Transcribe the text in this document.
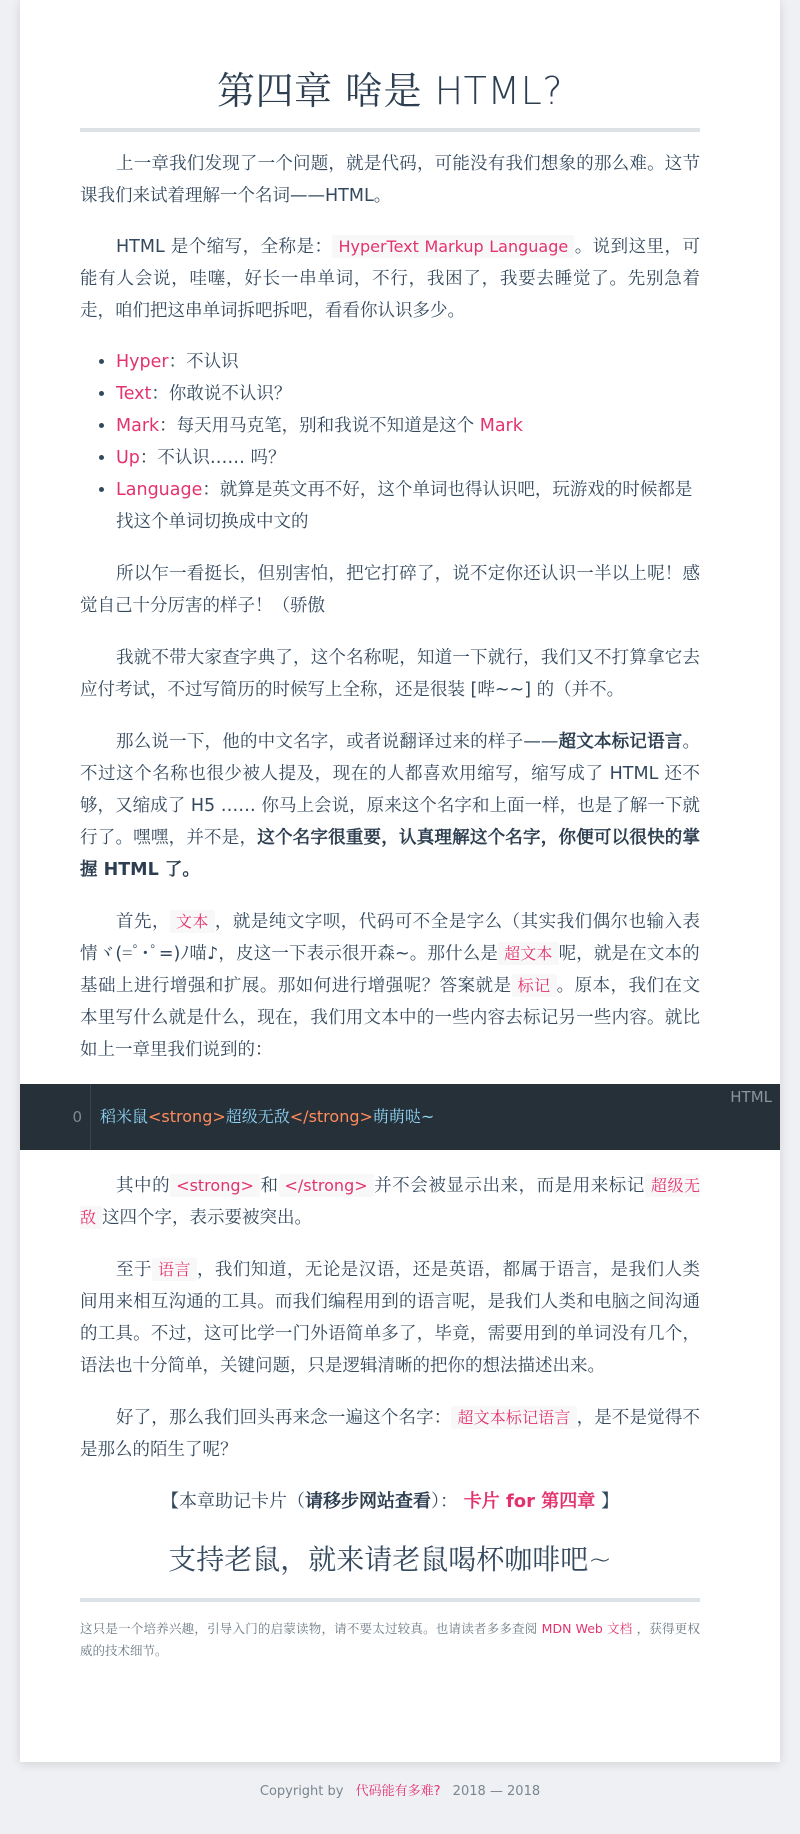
第四章 啥是 HTML?

上一章我们发现了一个问题，就是代码，可能没有我们想象的那么难。这节课我们来试着理解一个名词——HTML。

HTML 是个缩写，全称是： HyperText Markup Language 。说到这里，可能有人会说，哇噻，好长一串单词，不行，我困了，我要去睡觉了。先别急着走，咱们把这串单词拆吧拆吧，看看你认识多少。

• Hyper：不认识
• Text：你敢说不认识？
• Mark：每天用马克笔，别和我说不知道是这个 Mark
• Up：不认识…… 吗？
• Language：就算是英文再不好，这个单词也得认识吧，玩游戏的时候都是找这个单词切换成中文的

所以乍一看挺长，但别害怕，把它打碎了，说不定你还认识一半以上呢！感觉自己十分厉害的样子！（骄傲

我就不带大家查字典了，这个名称呢，知道一下就行，我们又不打算拿它去应付考试，不过写简历的时候写上全称，还是很装 [哔~~] 的（并不。

那么说一下，他的中文名字，或者说翻译过来的样子——超文本标记语言。不过这个名称也很少被人提及，现在的人都喜欢用缩写，缩写成了 HTML 还不够，又缩成了 H5 …… 你马上会说，原来这个名字和上面一样，也是了解一下就行了。嘿嘿，并不是，这个名字很重要，认真理解这个名字，你便可以很快的掌握 HTML 了。

首先， 文本 ，就是纯文字呗，代码可不全是字么（其实我们偶尔也输入表情ヾ(=ﾟ･ﾟ=)ﾉ喵♪，皮这一下表示很开森~。那什么是 超文本 呢，就是在文本的基础上进行增强和扩展。那如何进行增强呢？答案就是 标记 。原本，我们在文本里写什么就是什么，现在，我们用文本中的一些内容去标记另一些内容。就比如上一章里我们说到的：

0	稻米鼠<strong>超级无敌</strong>萌萌哒~
HTML

其中的 <strong> 和 </strong> 并不会被显示出来，而是用来标记 超级无敌 这四个字，表示要被突出。

至于 语言 ，我们知道，无论是汉语，还是英语，都属于语言，是我们人类间用来相互沟通的工具。而我们编程用到的语言呢，是我们人类和电脑之间沟通的工具。不过，这可比学一门外语简单多了，毕竟，需要用到的单词没有几个，语法也十分简单，关键问题，只是逻辑清晰的把你的想法描述出来。

好了，那么我们回头再来念一遍这个名字： 超文本标记语言 ，是不是觉得不是那么的陌生了呢？

【本章助记卡片（请移步网站查看）： 卡片 for 第四章 】

支持老鼠，就来请老鼠喝杯咖啡吧~

这只是一个培养兴趣，引导入门的启蒙读物，请不要太过较真。也请读者多多查阅 MDN Web 文档 ，获得更权威的技术细节。

Copyright by 代码能有多难? 2018 — 2018
